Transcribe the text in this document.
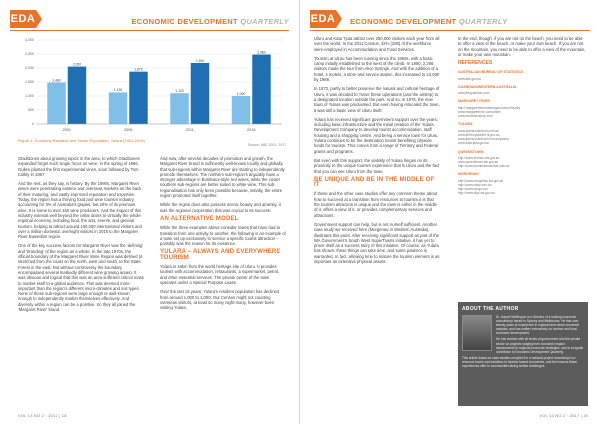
EDA	ECONOMIC DEVELOPMENT QUARTERLY
0
500
1,000
1,500
2,000
2,500
3,000
1,480
2,050
2001
1,130
1,870
2006
1,100
2,180
2011
1,000
2,480
2016
Figure 1. Economy Resident and Visitor Population, Yulara (2001-2016)
Source: ABS 2001, 2017

Gladstones about growing topics in the area, to which Gladstones expanded forget such single focus on wine. In the spring of 1966, Gullen planted the first experimental vines, soon followed by Tom Cullity in 1967.

And the rest, as they say, is history. By the 1990s, Margaret River wines were penetrating eastern and overseas markets on the back of their maturing, and vastly improved reputation and expertise. Today, the region has a thriving food and wine tourism industry, accounting for 3% of Australia's grapes, but 20% of its premium wine. It is home to over 150 wine producers. And the impact of this industry extends well beyond the cellar doors to virtually the whole regional economy, including food, the arts, events, and general tourism, helping to attract around 100,000 international visitors and over a million domestic overnight visitors in 2015 to the Margaret River Busselton region.

One of the key success factors for Margaret River was the 'defining' and 'branding' of the region as a whole. In the late 1970s, the official boundary of the Margaret River Wine Region was defined (it stretched from the coast on the north, west and south, to the State Forest in the east. Not without controversy the boundary encompassed several markedly different wine growing areas). It was obvious and logical that this was an area sufficient critical mass to market itself to a global audience. This was deemed more important than the region's different micro-climates and soil types. None of these sub-regions were large enough or well-known enough to independently market themselves effectively. And diversity within a region can be a positive. So they all joined the 'Margaret River' brand.

And now, after several decades of promotion and growth, the Margaret River brand is sufficiently well-known locally and globally, that sub-regions within Margaret River are starting to independently promote themselves. The northern sub-region's arguably have a stronger advantage in Bordeaux-style red wines, while the cooler southern sub-regions are better suited to white wine. This sub-regionalisation has only been possible because, initially, the entire region promoted itself together.

While the region does also possess scenic beauty and amenity, it was the regional cooperation that was crucial to its success.

AN ALTERNATIVE MODEL

While the three examples above consider towns that have had to transition from one activity to another, the following is an example of a town set up exclusively to service a specific tourist attraction – possibly was the reason for its existence.

YULARA – ALWAYS AND EVERYWHERE TOURISM

Yulara is 18km from the world heritage site of Uluru. It provides tourists with accommodation, restaurants, a supermarket, petrol, and other essential services. The private owner of the town operates under a Special Purpose Lease.

Over the last 15 years, Yulara's resident population has declined from around 1,000 to 1,000. Our Census might not counting overseas visitors, at least so many night-many, however been visiting Yulara.

VOL 13 NO 2 · 2017 | 18
EDA ECONOMIC DEVELOPMENT QUARTERLY

Uluru and Kata Tjuta attract over 250,000 visitors each year from all over the world. In the 2011 Census, 32% (288) of the workforce were employed in Accommodation and Food Services.

Tourism at Uluru has been running since the 1950s, with a basic camp initially established to the west of the climb. In 1960, 2,296 visitors made the tour from Alice Springs. And with the addition of a hotel, 4 motels, a store and service station, this increased to 23,000 by 1969.

In 1973, partly to better preserve the natural and cultural heritage of Uluru, it was decided to 'move these operations (and the airstrip) to a designated location outside the park. And so, in 1976, the new town of Yulara was proclaimed. But even having relocated the town, it was still a basic view of Uluru itself.

Yulara has received significant government support over the years, including basic infrastructure and the initial creation of the Yulara Development Company to develop tourist accommodation, staff housing and a shopping centre. And being a service town for Uluru, Yulara continues to be the destination tourist benefiting citywide funds for tourism. This comes from a range of Territory and Federal grants and programs.

But even with this support, the viability of Yulara hinges on its proximity to the unique tourism experience that is Uluru and the fact that you can see Uluru from the town.

BE UNIQUE AND BE IN THE MIDDLE OF IT

If these and the other case studies offer any common theme about how to succeed at a transition from resources to tourism it is that the tourism attraction is unique and the town is either in the middle of it, offers a view of it, or provides complementary services and attractions.

Government support can help, but is not in itself sufficient. Another case study we received here (Morgenau in Western Australia), illustrates this point. After receiving significant support as part of the WA Government's South West SuperTowns initiative, it has yet to prove itself as a success story of this initiative. Of course, as Yulara has shown, these things can take time, and some patience is warranted. In fact, allowing time to mature the tourism element is as important as extensive physical assets.

In the end, though, if you are not on the beach, you need to be able to offer a view of the beach, or make your own beach. If you are not on the mountain, you need to be able to offer a view of the mountain, or make your own mountain.

REFERENCES
AUSTRALIAN BUREAU OF STATISTICS
www.abs.gov.au
GUARDIAN/WESTERN AUSTRALIA
www.theguardian.com
MARGARET RIVER
http://margaretriver.wineregion/about/history
www.margaretriver.com/article
www.bordeauxshop.com
YULARA
www.ayersrockresort.com.au
www.territorystories.nt.gov.au
www.ayersrockresort.com.au/yulara
www.kata-tjuta.gov.au
QUEENSTOWN
http://www.tourism.tas.gov.au
www.queenstown.tas.gov.au
http://www.tourismwestcoast.com.au
MORGENAU
http://www.morgenau.wa.gov.au
http://www.rdsw.com.au
http://www.wa.gov.au
http://www.dlgc.wa.gov.au
ABOUT THE AUTHOR

Dr Joseph Wellington is a Director of a leading economic consultancy based in Sydney and Melbourne. He has over twenty years of experience in regional and urban economic analysis, and has written extensively on tourism and local economic development.

He has worked with all levels of government and the private sector on projects ranging from economic impact assessments to regional economic strategies, and is a regular contributor to Economic Development Quarterly.

This article draws on case studies compiled for a national project examining how resource towns can transition to tourism based economies, and the lessons these experiences offer to communities facing similar challenges.

VOL 13 NO 2 · 2017 | 19
